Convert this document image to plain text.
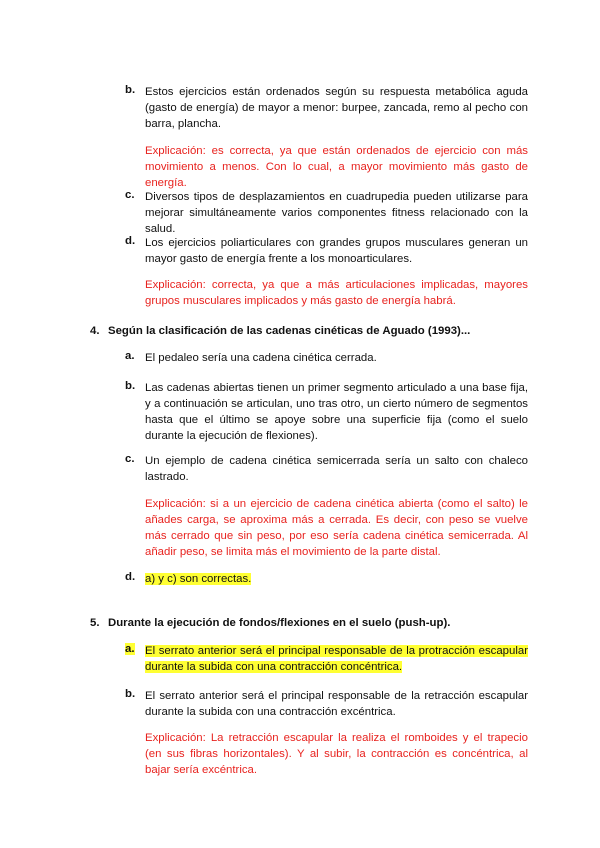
b. Estos ejercicios están ordenados según su respuesta metabólica aguda (gasto de energía) de mayor a menor: burpee, zancada, remo al pecho con barra, plancha.
Explicación: es correcta, ya que están ordenados de ejercicio con más movimiento a menos. Con lo cual, a mayor movimiento más gasto de energía.
c. Diversos tipos de desplazamientos en cuadrupedia pueden utilizarse para mejorar simultáneamente varios componentes fitness relacionado con la salud.
d. Los ejercicios poliarticulares con grandes grupos musculares generan un mayor gasto de energía frente a los monoarticulares.
Explicación: correcta, ya que a más articulaciones implicadas, mayores grupos musculares implicados y más gasto de energía habrá.
4. Según la clasificación de las cadenas cinéticas de Aguado (1993)...
a. El pedaleo sería una cadena cinética cerrada.
b. Las cadenas abiertas tienen un primer segmento articulado a una base fija, y a continuación se articulan, uno tras otro, un cierto número de segmentos hasta que el último se apoye sobre una superficie fija (como el suelo durante la ejecución de flexiones).
c. Un ejemplo de cadena cinética semicerrada sería un salto con chaleco lastrado.
Explicación: si a un ejercicio de cadena cinética abierta (como el salto) le añades carga, se aproxima más a cerrada. Es decir, con peso se vuelve más cerrado que sin peso, por eso sería cadena cinética semicerrada. Al añadir peso, se limita más el movimiento de la parte distal.
d. a) y c) son correctas.
5. Durante la ejecución de fondos/flexiones en el suelo (push-up).
a. El serrato anterior será el principal responsable de la protracción escapular durante la subida con una contracción concéntrica.
b. El serrato anterior será el principal responsable de la retracción escapular durante la subida con una contracción excéntrica.
Explicación: La retracción escapular la realiza el romboides y el trapecio (en sus fibras horizontales). Y al subir, la contracción es concéntrica, al bajar sería excéntrica.
